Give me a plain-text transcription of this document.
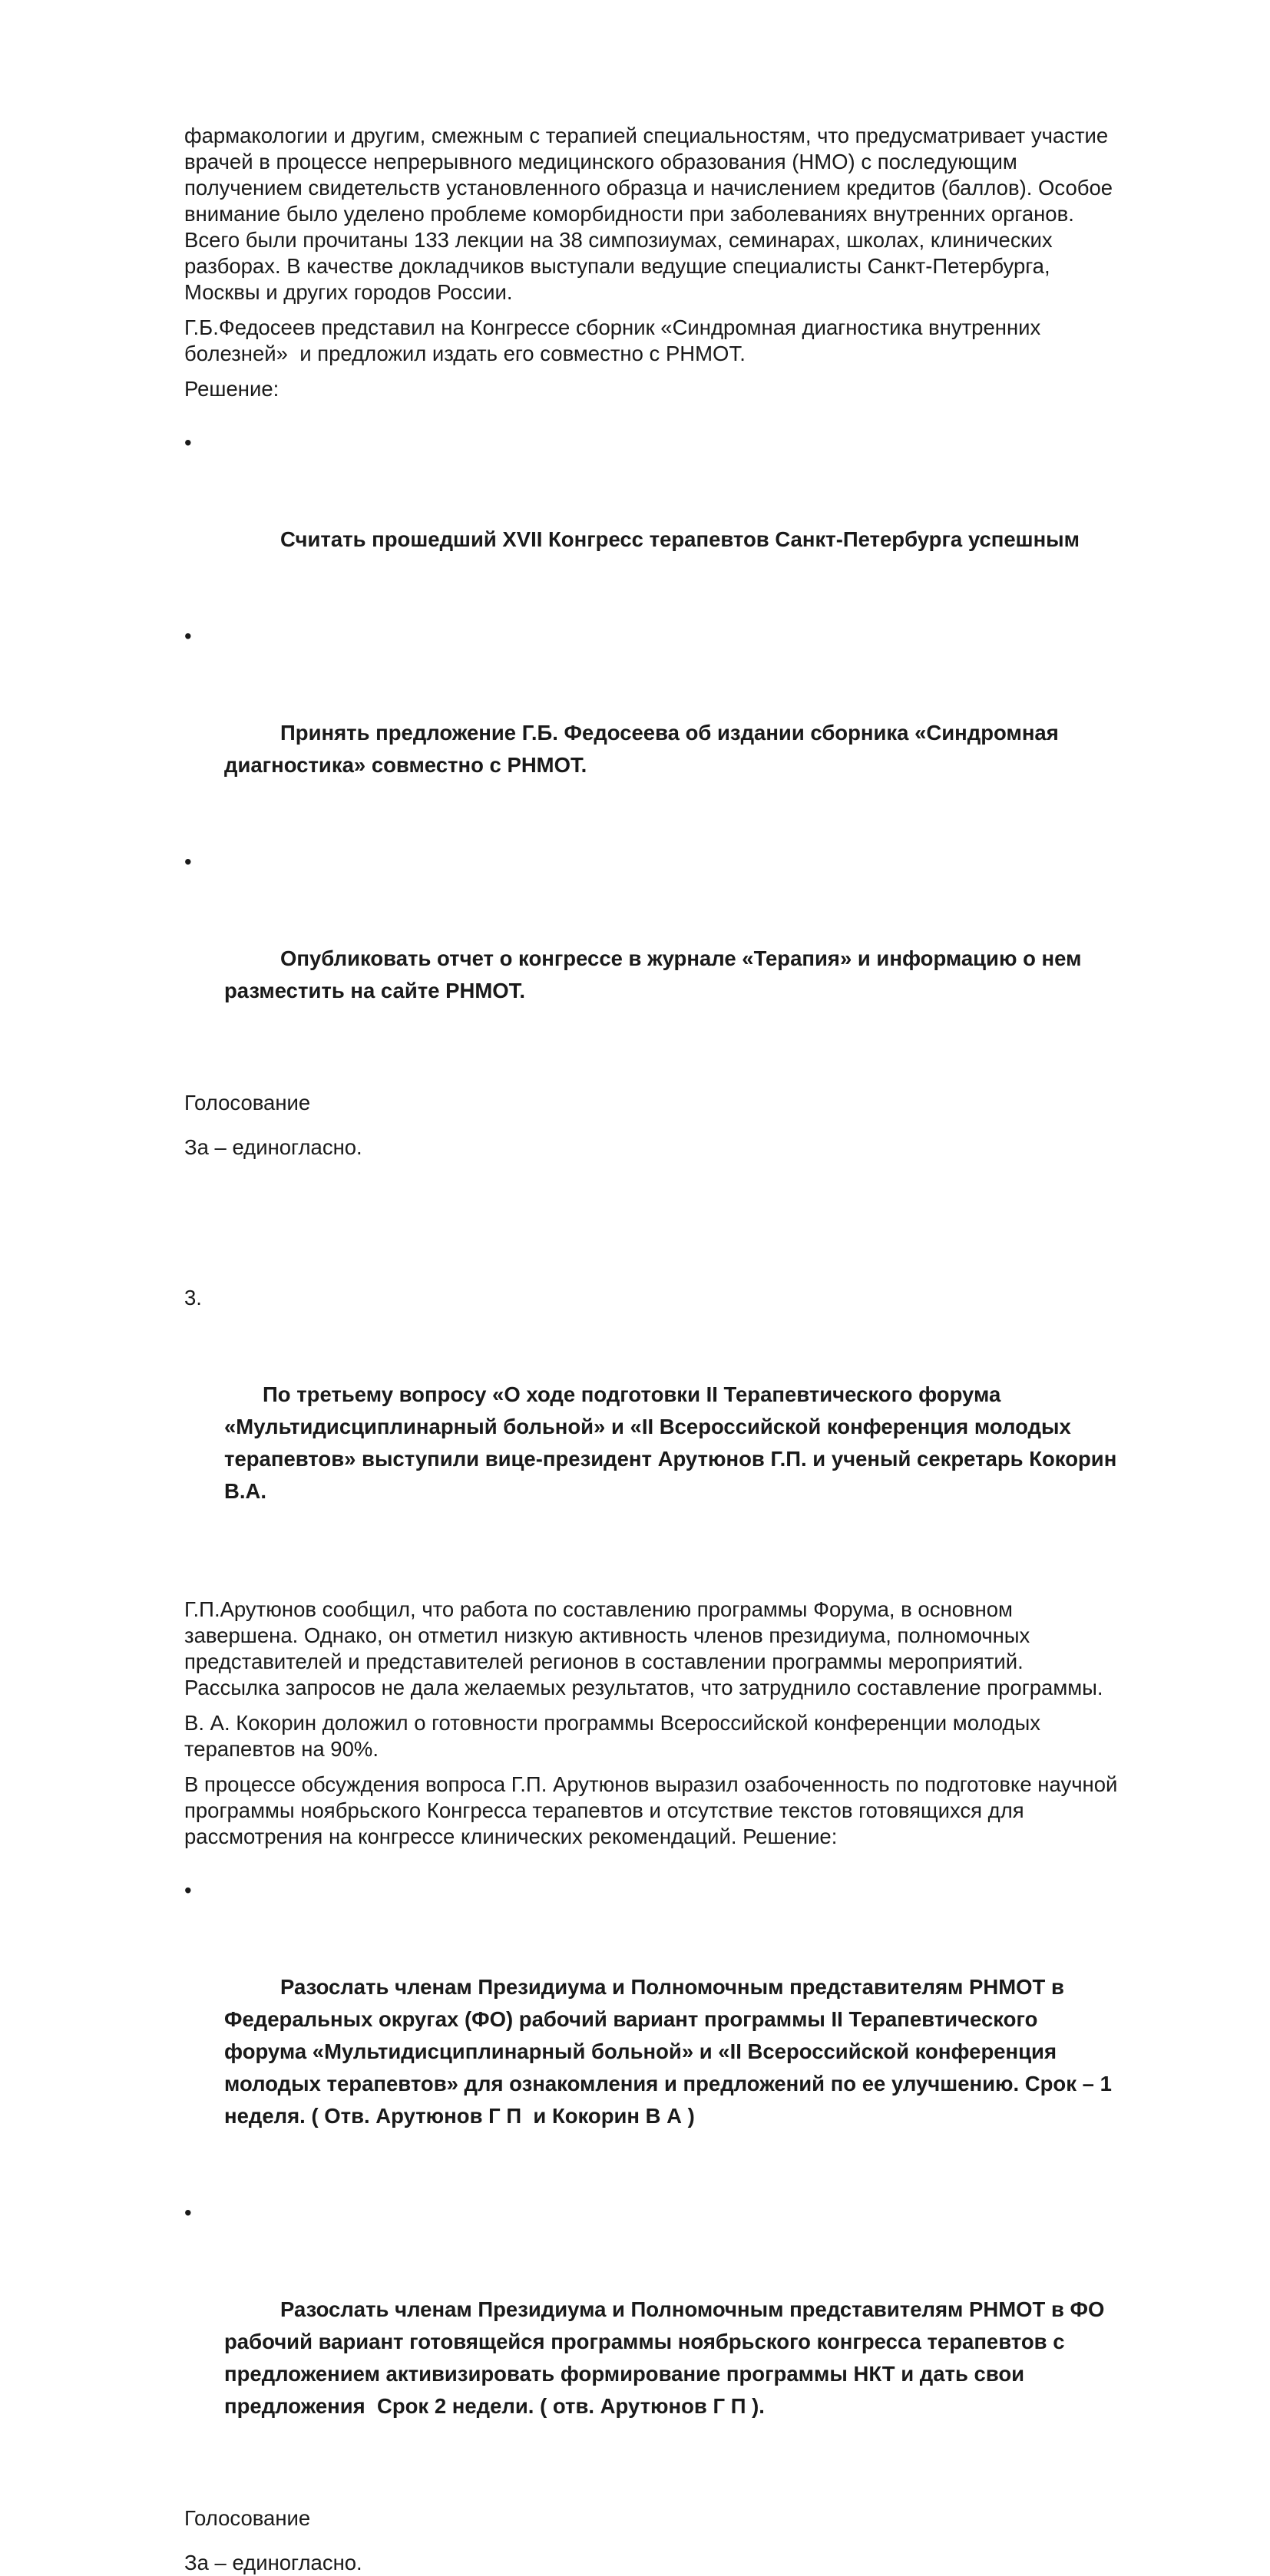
фармакологии и другим, смежным с терапией специальностям, что предусматривает участие
врачей в процессе непрерывного медицинского образования (НМО) с последующим
получением свидетельств установленного образца и начислением кредитов (баллов). Особое
внимание было уделено проблеме коморбидности при заболеваниях внутренних органов.
Всего были прочитаны 133 лекции на 38 симпозиумах, семинарах, школах, клинических
разборах. В качестве докладчиков выступали ведущие специалисты Санкт-Петербурга,
Москвы и других городов России.

Г.Б.Федосеев представил на Конгрессе сборник «Синдромная диагностика внутренних
болезней»  и предложил издать его совместно с РНМОТ.

Решение:

•

Считать прошедший XVII Конгресс терапевтов Санкт-Петербурга успешным

•

Принять предложение Г.Б. Федосеева об издании сборника «Синдромная
диагностика» совместно с РНМОТ.

•

Опубликовать отчет о конгрессе в журнале «Терапия» и информацию о нем
разместить на сайте РНМОТ.

Голосование

За – единогласно.

3.

По третьему вопросу «О ходе подготовки II Терапевтического форума
«Мультидисциплинарный больной» и «II Всероссийской конференция молодых
терапевтов» выступили вице-президент Арутюнов Г.П. и ученый секретарь Кокорин
В.А.

Г.П.Арутюнов сообщил, что работа по составлению программы Форума, в основном
завершена. Однако, он отметил низкую активность членов президиума, полномочных
представителей и представителей регионов в составлении программы мероприятий.
Рассылка запросов не дала желаемых результатов, что затруднило составление программы.

В. А. Кокорин доложил о готовности программы Всероссийской конференции молодых
терапевтов на 90%.

В процессе обсуждения вопроса Г.П. Арутюнов выразил озабоченность по подготовке научной
программы ноябрьского Конгресса терапевтов и отсутствие текстов готовящихся для
рассмотрения на конгрессе клинических рекомендаций. Решение:

•

Разослать членам Президиума и Полномочным представителям РНМОТ в
Федеральных округах (ФО) рабочий вариант программы II Терапевтического
форума «Мультидисциплинарный больной» и «II Всероссийской конференция
молодых терапевтов» для ознакомления и предложений по ее улучшению. Срок – 1
неделя. ( Отв. Арутюнов Г П  и Кокорин В А )

•

Разослать членам Президиума и Полномочным представителям РНМОТ в ФО
рабочий вариант готовящейся программы ноябрьского конгресса терапевтов с
предложением активизировать формирование программы НКТ и дать свои
предложения  Срок 2 недели. ( отв. Арутюнов Г П ).

Голосование

За – единогласно.
